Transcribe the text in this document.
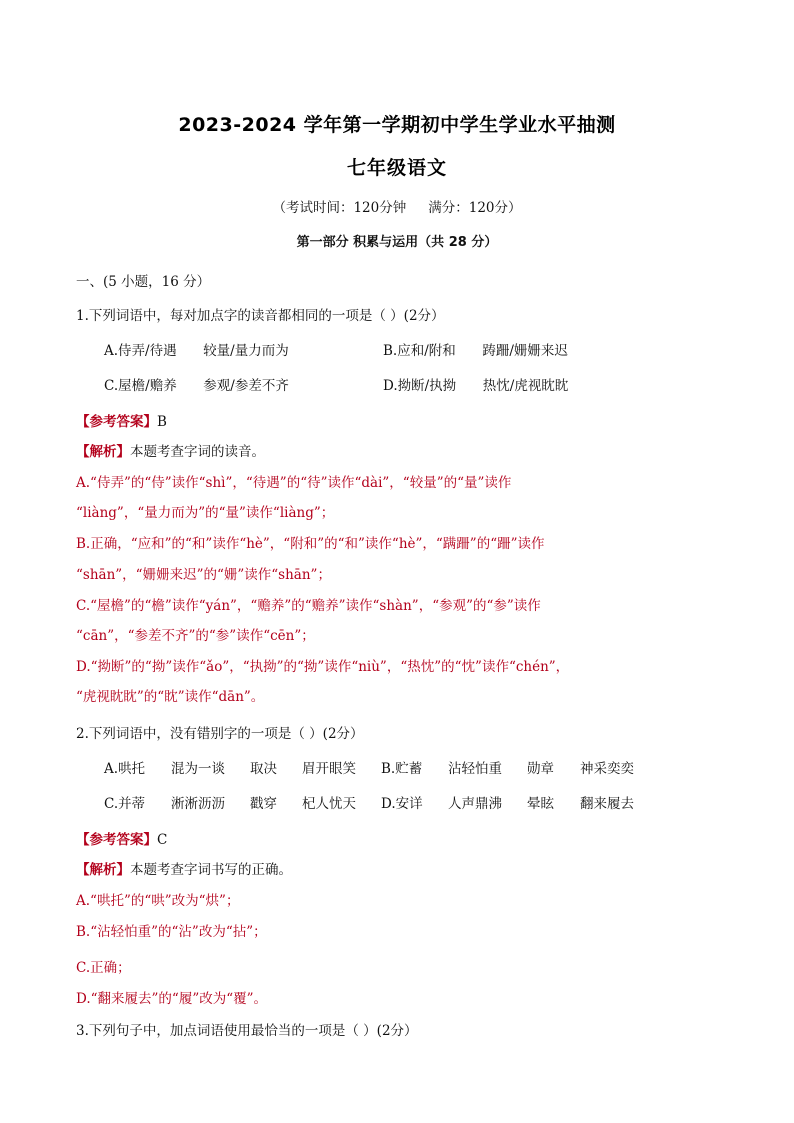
2023-2024 学年第一学期初中学生学业水平抽测
七年级语文
（考试时间：120分钟 满分：120分）
第一部分 积累与运用（共 28 分）
一、(5 小题，16 分）
1.下列词语中，每对加点字的读音都相同的一项是（ ）(2分）
A.侍弄/待遇 较量/量力而为	B.应和/附和 踌跚/姗姗来迟
C.屋檐/赡养 参观/参差不齐	D.拗断/执拗 热忱/虎视眈眈
【参考答案】B
【解析】本题考查字词的读音。
A.“侍弄”的“侍”读作“shì”，“待遇”的“待”读作“dài”，“较量”的“量”读作
“liàng”，“量力而为”的“量”读作“liàng”；
B.正确，“应和”的“和”读作“hè”，“附和”的“和”读作“hè”，“蹒跚”的“跚”读作
“shān”，“姗姗来迟”的“姗”读作“shān”；
C.“屋檐”的“檐”读作“yán”，“赡养”的“赡养”读作“shàn”，“参观”的“参”读作
“cān”，“参差不齐”的“参”读作“cēn”；
D.“拗断”的“拗”读作“ǎo”，“执拗”的“拗”读作“niù”，“热忱”的“忱”读作“chén”，
“虎视眈眈”的“眈”读作“dān”。
2.下列词语中，没有错别字的一项是（ ）(2分）
A.哄托 混为一谈 取决 眉开眼笑 B.贮蓄 沾轻怕重 勋章 神采奕奕
C.并蒂 淅淅沥沥 戳穿 杞人忧天 D.安详 人声鼎沸 晕眩 翻来履去
【参考答案】C
【解析】本题考查字词书写的正确。
A.“哄托”的“哄”改为“烘”；
B.“沾轻怕重”的“沾”改为“拈”；
C.正确；
D.“翻来履去”的“履”改为“覆”。
3.下列句子中，加点词语使用最恰当的一项是（ ）(2分）
